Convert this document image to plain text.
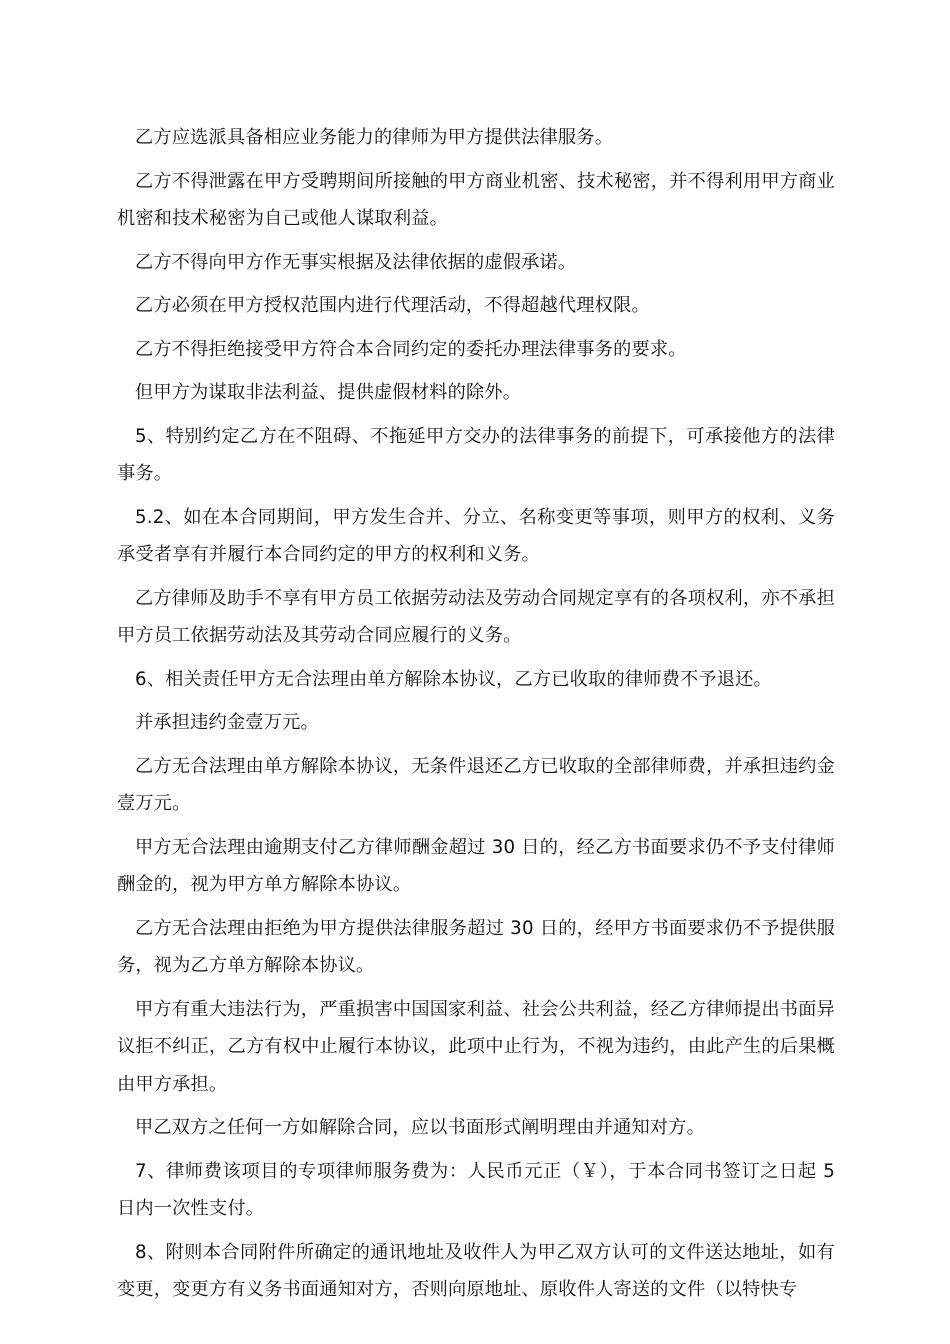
乙方应选派具备相应业务能力的律师为甲方提供法律服务。

乙方不得泄露在甲方受聘期间所接触的甲方商业机密、技术秘密，并不得利用甲方商业机密和技术秘密为自己或他人谋取利益。

乙方不得向甲方作无事实根据及法律依据的虚假承诺。

乙方必须在甲方授权范围内进行代理活动，不得超越代理权限。

乙方不得拒绝接受甲方符合本合同约定的委托办理法律事务的要求。

但甲方为谋取非法利益、提供虚假材料的除外。

5、特别约定乙方在不阻碍、不拖延甲方交办的法律事务的前提下，可承接他方的法律事务。

5.2、如在本合同期间，甲方发生合并、分立、名称变更等事项，则甲方的权利、义务承受者享有并履行本合同约定的甲方的权利和义务。

乙方律师及助手不享有甲方员工依据劳动法及劳动合同规定享有的各项权利，亦不承担甲方员工依据劳动法及其劳动合同应履行的义务。

6、相关责任甲方无合法理由单方解除本协议，乙方已收取的律师费不予退还。

并承担违约金壹万元。

乙方无合法理由单方解除本协议，无条件退还乙方已收取的全部律师费，并承担违约金壹万元。

甲方无合法理由逾期支付乙方律师酬金超过 30 日的，经乙方书面要求仍不予支付律师酬金的，视为甲方单方解除本协议。

乙方无合法理由拒绝为甲方提供法律服务超过 30 日的，经甲方书面要求仍不予提供服务，视为乙方单方解除本协议。

甲方有重大违法行为，严重损害中国国家利益、社会公共利益，经乙方律师提出书面异议拒不纠正，乙方有权中止履行本协议，此项中止行为，不视为违约，由此产生的后果概由甲方承担。

甲乙双方之任何一方如解除合同，应以书面形式阐明理由并通知对方。

7、律师费该项目的专项律师服务费为：人民币元正（￥），于本合同书签订之日起 5 日内一次性支付。

8、附则本合同附件所确定的通讯地址及收件人为甲乙双方认可的文件送达地址，如有变更，变更方有义务书面通知对方，否则向原地址、原收件人寄送的文件（以特快专
